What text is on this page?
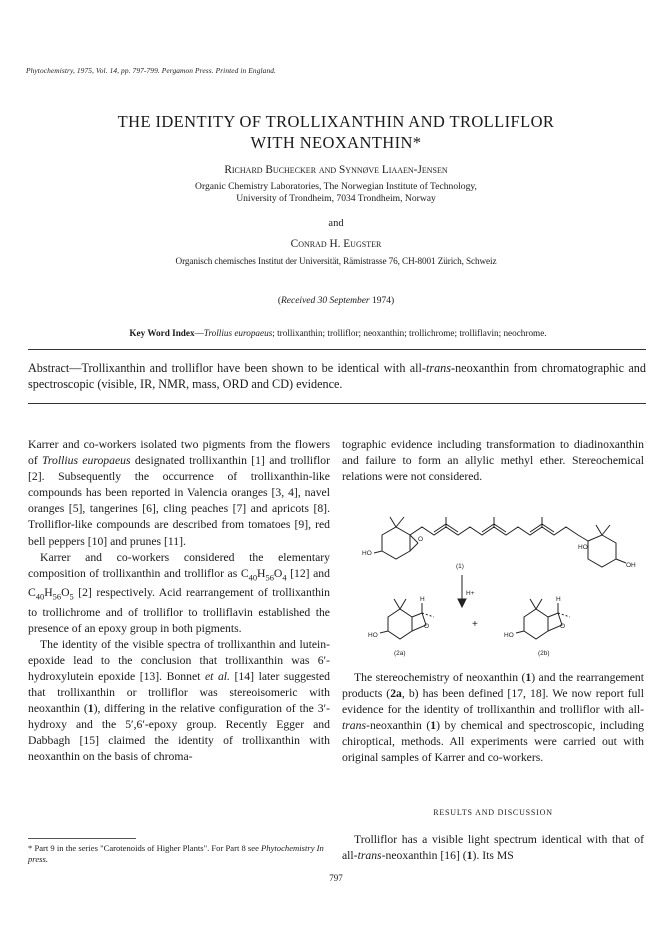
Phytochemistry, 1975, Vol. 14, pp. 797-799. Pergamon Press. Printed in England.
THE IDENTITY OF TROLLIXANTHIN AND TROLLIFLOR
WITH NEOXANTHIN*
Richard Buchecker and Synnøve Liaaen-Jensen
Organic Chemistry Laboratories, The Norwegian Institute of Technology,
University of Trondheim, 7034 Trondheim, Norway
and
Conrad H. Eugster
Organisch chemisches Institut der Universität, Rämistrasse 76, CH-8001 Zürich, Schweiz
(Received 30 September 1974)
Key Word Index—Trollius europaeus; trollixanthin; trolliflor; neoxanthin; trollichrome; trolliflavin; neochrome.
Abstract—Trollixanthin and trolliflor have been shown to be identical with all-trans-neoxanthin from chromatographic and spectroscopic (visible, IR, NMR, mass, ORD and CD) evidence.

Karrer and co-workers isolated two pigments from the flowers of Trollius europaeus designated trollixanthin [1] and trolliflor [2]. Subsequently the occurrence of trollixanthin-like compounds has been reported in Valencia oranges [3, 4], navel oranges [5], tangerines [6], cling peaches [7] and apricots [8]. Trolliflor-like compounds are described from tomatoes [9], red bell peppers [10] and prunes [11].

Karrer and co-workers considered the elementary composition of trollixanthin and trolliflor as $C_{40}H_{56}O_4$ [12] and $C_{40}H_{56}O_5$ [2] respectively. Acid rearrangement of trollixanthin to trollichrome and of trolliflor to trolliflavin established the presence of an epoxy group in both pigments.

The identity of the visible spectra of trollixanthin and lutein-epoxide lead to the conclusion that trollixanthin was 6′-hydroxylutein epoxide [13]. Bonnet et al. [14] later suggested that trollixanthin or trolliflor was stereoisomeric with neoxanthin (1), differing in the relative configuration of the 3′-hydroxy and the 5′,6′-epoxy group. Recently Egger and Dabbagh [15] claimed the identity of trollixanthin with neoxanthin on the basis of chroma-

* Part 9 in the series "Carotenoids of Higher Plants". For Part 8 see Phytochemistry In press.

tographic evidence including transformation to diadinoxanthin and failure to form an allylic methyl ether. Stereochemical relations were not considered.

HO
O
HO
OH
(1)
H+
+
HO
O
H
HO
O
H
(2a)	(2b)

The stereochemistry of neoxanthin (1) and the rearrangement products (2a, b) has been defined [17, 18]. We now report full evidence for the identity of trollixanthin and trolliflor with all-trans-neoxanthin (1) by chemical and spectroscopic, including chiroptical, methods. All experiments were carried out with original samples of Karrer and co-workers.

RESULTS AND DISCUSSION

Trolliflor has a visible light spectrum identical with that of all-trans-neoxanthin [16] (1). Its MS

797
